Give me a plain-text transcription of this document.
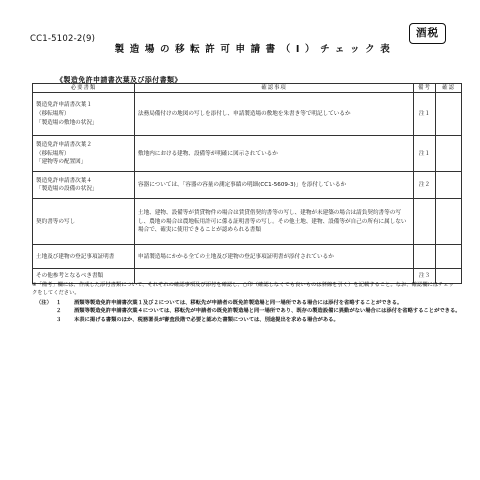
CC1-5102-2(9)	酒税
製造場の移転許可申請書（Ⅰ）チェック表
《製造免許申請書次葉及び添付書類》
必要書類	確認事項	備考	確認

製造免許申請書次葉１
（移転場所）
「製造場の敷地の状況」	法務局備付けの地図の写しを添付し、申請製造場の敷地を朱書き等で明記しているか	注１	

製造免許申請書次葉２
（移転場所）
「建物等の配置図」	敷地内における建物、設備等が明確に図示されているか	注１	

製造免許申請書次葉４
「製造場の設備の状況」	容器については、「容器の容量の測定事績の明細(CC1-5609-3)」を添付しているか	注２	

契約書等の写し	土地、建物、設備等が賃貸物件の場合は賃貸借契約書等の写し、建物が未建築の場合は請負契約書等の写し、農地の場合は農地転用許可に係る証明書等の写し。その他土地、建物、設備等が自己の所有に属しない場合で、確実に使用できることが認められる書類		

土地及び建物の登記事項証明書	申請製造場にかかる全ての土地及び建物の登記事項証明書が添付されているか		

その他参考となるべき書類		注３	
※「備考」欄には、作成した添付書類について、それぞれの確認事項及び添付を確認し、○印（確認しなくても良いものは斜線を引く）を記載すること。なお、確認欄にはチェックをしてください。
（注） １	酒類等製造免許申請書次葉１及び２については、移転先が申請者の既免許製造場と同一場所である場合には添付を省略することができる。
２	酒類等製造免許申請書次葉４については、移転先が申請者の既免許製造場と同一場所であり、既存の製造設備に異動がない場合には添付を省略することができる。
３	本表に掲げる書類のほか、税務署長が審査段階で必要と認めた書類については、別途提出を求める場合がある。
